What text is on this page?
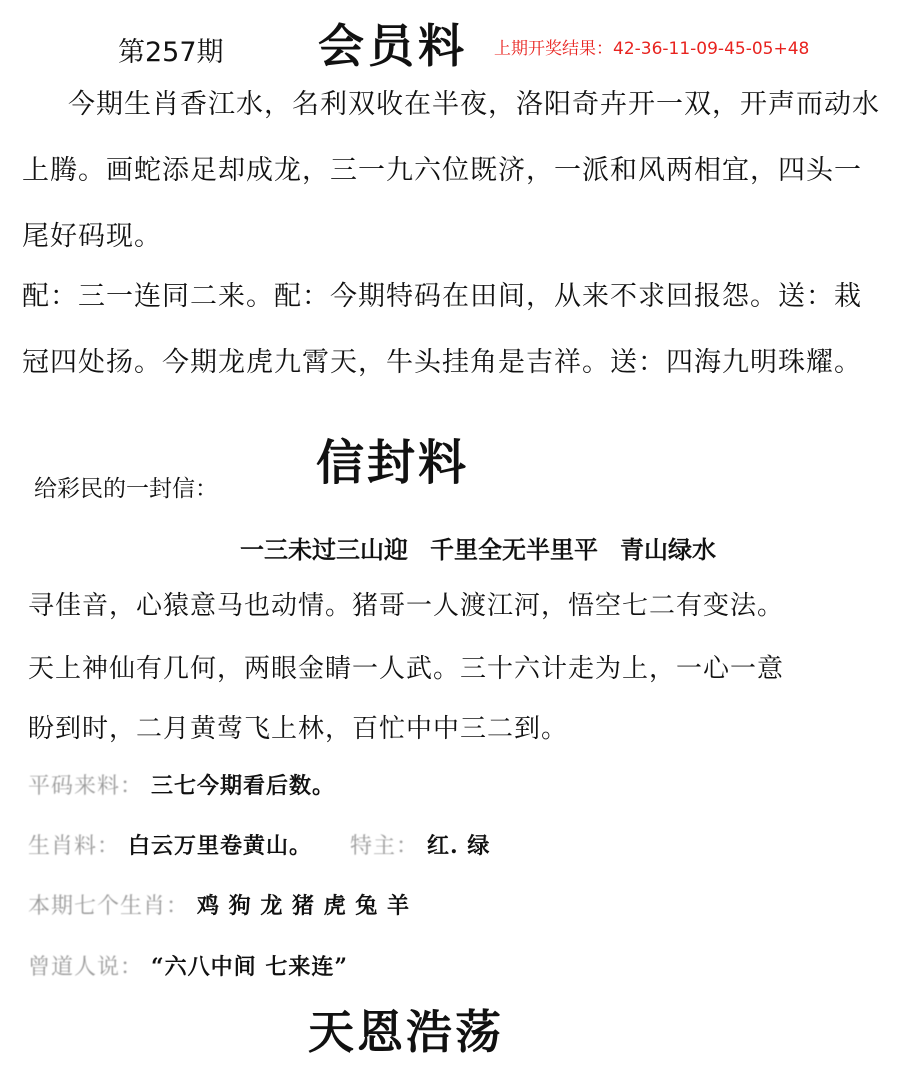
第257期 会员料 上期开奖结果：42-36-11-09-45-05+48
今期生肖香江水，名利双收在半夜，洛阳奇卉开一双，开声而动水上腾。画蛇添足却成龙，三一九六位既济，一派和风两相宜，四头一尾好码现。
配：三一连同二来。配：今期特码在田间，从来不求回报怨。送：栽冠四处扬。今期龙虎九霄天，牛头挂角是吉祥。送：四海九明珠耀。
信封料
给彩民的一封信：
一三未过三山迎 千里全无半里平 青山绿水
寻佳音，心猿意马也动情。猪哥一人渡江河，悟空七二有变法。
天上神仙有几何，两眼金睛一人武。三十六计走为上，一心一意
盼到时，二月黄莺飞上林，百忙中中三二到。
平码来料： 三七今期看后数。
生肖料： 白云万里卷黄山。 特主： 红. 绿
本期七个生肖： 鸡 狗 龙 猪 虎 兔 羊
曾道人说： “六八中间 七来连”
天恩浩荡
